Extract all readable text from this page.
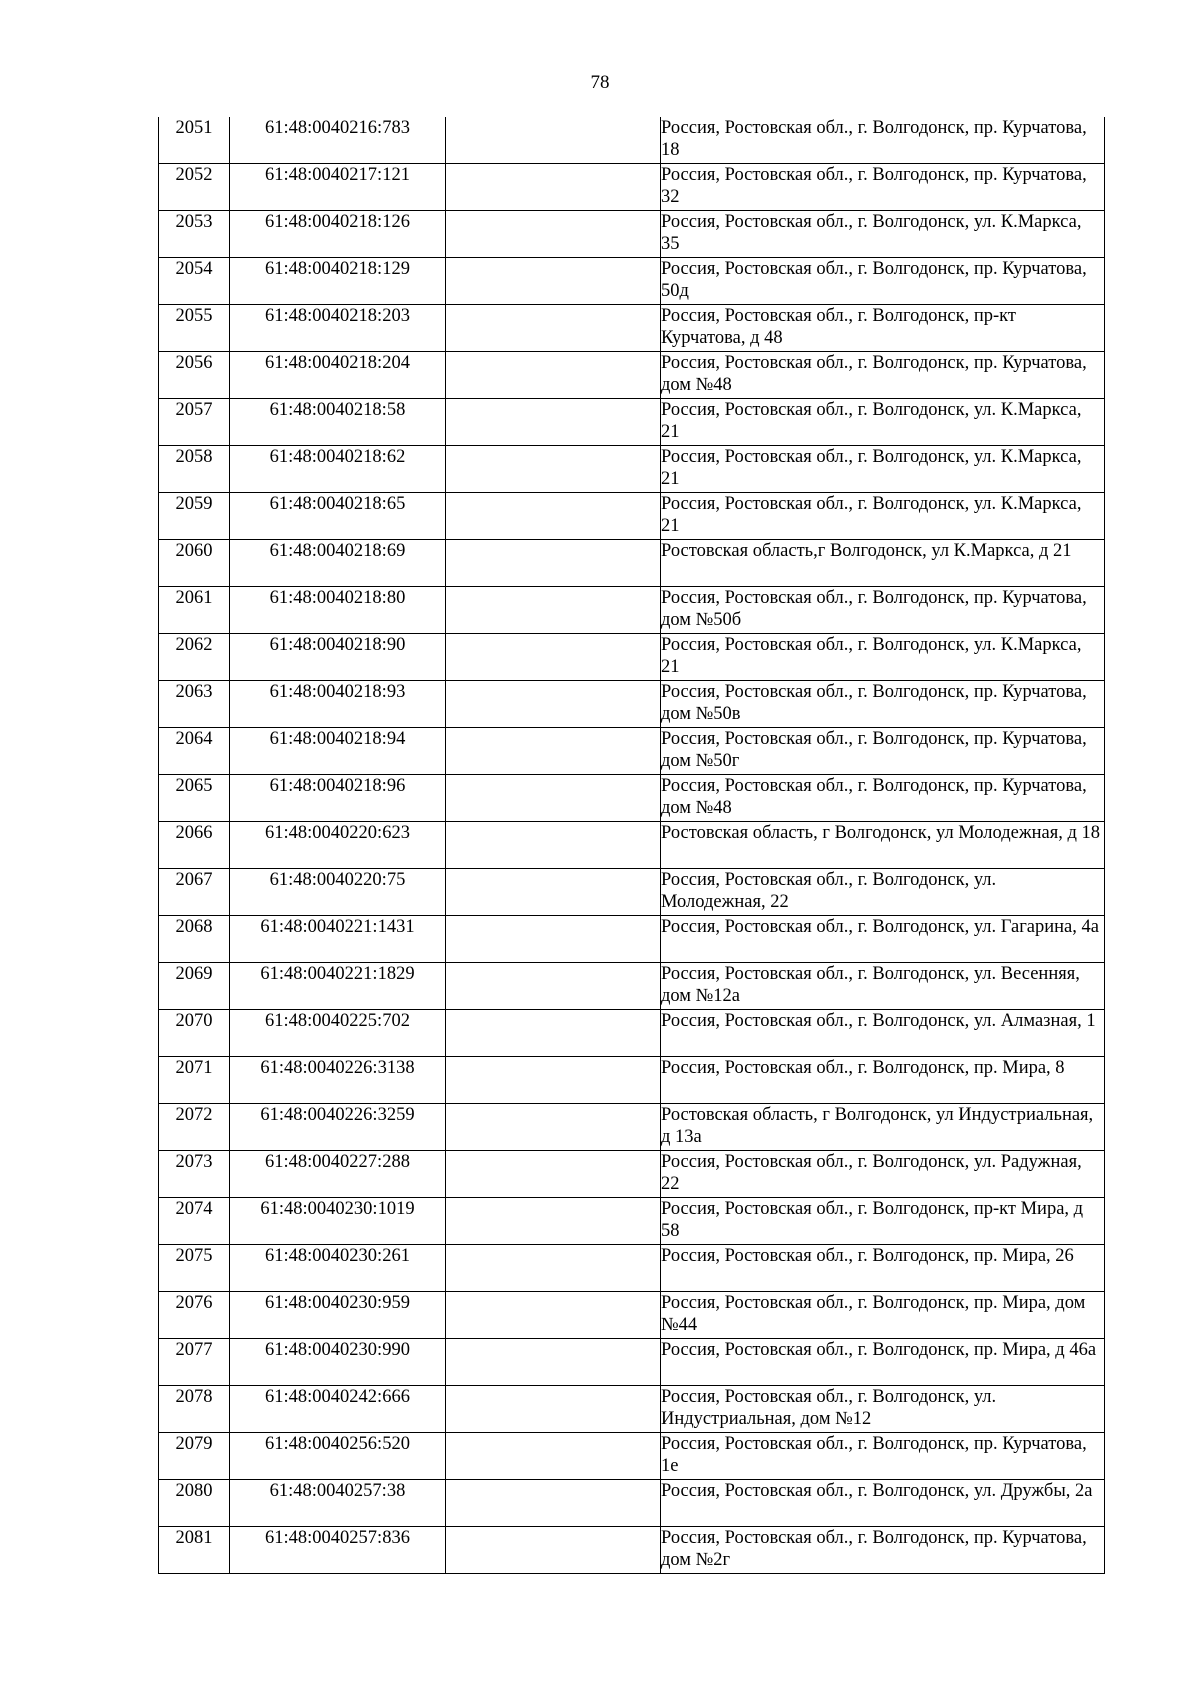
78
2051	61:48:0040216:783		Россия, Ростовская обл., г. Волгодонск, пр. Курчатова, 18
2052	61:48:0040217:121		Россия, Ростовская обл., г. Волгодонск, пр. Курчатова, 32
2053	61:48:0040218:126		Россия, Ростовская обл., г. Волгодонск, ул. К.Маркса, 35
2054	61:48:0040218:129		Россия, Ростовская обл., г. Волгодонск, пр. Курчатова, 50д
2055	61:48:0040218:203		Россия, Ростовская обл., г. Волгодонск, пр-кт Курчатова, д 48
2056	61:48:0040218:204		Россия, Ростовская обл., г. Волгодонск, пр. Курчатова, дом №48
2057	61:48:0040218:58		Россия, Ростовская обл., г. Волгодонск, ул. К.Маркса, 21
2058	61:48:0040218:62		Россия, Ростовская обл., г. Волгодонск, ул. К.Маркса, 21
2059	61:48:0040218:65		Россия, Ростовская обл., г. Волгодонск, ул. К.Маркса, 21
2060	61:48:0040218:69		Ростовская область,г Волгодонск, ул К.Маркса, д 21
2061	61:48:0040218:80		Россия, Ростовская обл., г. Волгодонск, пр. Курчатова, дом №50б
2062	61:48:0040218:90		Россия, Ростовская обл., г. Волгодонск, ул. К.Маркса, 21
2063	61:48:0040218:93		Россия, Ростовская обл., г. Волгодонск, пр. Курчатова, дом №50в
2064	61:48:0040218:94		Россия, Ростовская обл., г. Волгодонск, пр. Курчатова, дом №50г
2065	61:48:0040218:96		Россия, Ростовская обл., г. Волгодонск, пр. Курчатова, дом №48
2066	61:48:0040220:623		Ростовская область, г Волгодонск, ул Молодежная, д 18
2067	61:48:0040220:75		Россия, Ростовская обл., г. Волгодонск, ул. Молодежная, 22
2068	61:48:0040221:1431		Россия, Ростовская обл., г. Волгодонск, ул. Гагарина, 4а
2069	61:48:0040221:1829		Россия, Ростовская обл., г. Волгодонск, ул. Весенняя, дом №12а
2070	61:48:0040225:702		Россия, Ростовская обл., г. Волгодонск, ул. Алмазная, 1
2071	61:48:0040226:3138		Россия, Ростовская обл., г. Волгодонск, пр. Мира, 8
2072	61:48:0040226:3259		Ростовская область, г Волгодонск, ул Индустриальная, д 13а
2073	61:48:0040227:288		Россия, Ростовская обл., г. Волгодонск, ул. Радужная, 22
2074	61:48:0040230:1019		Россия, Ростовская обл., г. Волгодонск, пр-кт Мира, д 58
2075	61:48:0040230:261		Россия, Ростовская обл., г. Волгодонск, пр. Мира, 26
2076	61:48:0040230:959		Россия, Ростовская обл., г. Волгодонск, пр. Мира, дом №44
2077	61:48:0040230:990		Россия, Ростовская обл., г. Волгодонск, пр. Мира, д 46а
2078	61:48:0040242:666		Россия, Ростовская обл., г. Волгодонск, ул. Индустриальная, дом №12
2079	61:48:0040256:520		Россия, Ростовская обл., г. Волгодонск, пр. Курчатова, 1е
2080	61:48:0040257:38		Россия, Ростовская обл., г. Волгодонск, ул. Дружбы, 2а
2081	61:48:0040257:836		Россия, Ростовская обл., г. Волгодонск, пр. Курчатова, дом №2г
